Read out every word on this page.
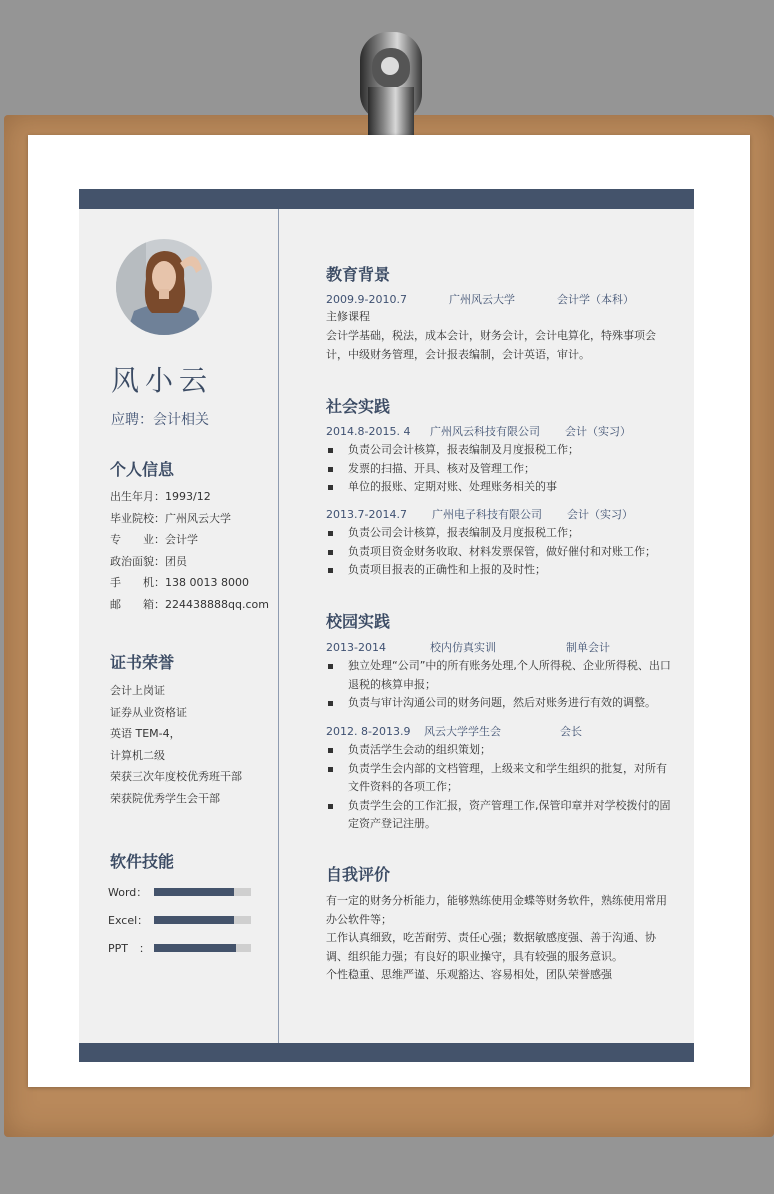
风小云
应聘：会计相关
个人信息
出生年月：1993/12
毕业院校：广州风云大学
专　　业：会计学
政治面貌：团员
手　　机：138 0013 8000
邮　　箱：224438888qq.com
证书荣誉
会计上岗证
证券从业资格证
英语 TEM-4，
计算机二级
荣获三次年度校优秀班干部
荣获院优秀学生会干部
软件技能
Word：
Excel：
PPT　：
教育背景
2009.9-2010.7	广州风云大学	会计学（本科）
主修课程
会计学基础，税法，成本会计，财务会计，会计电算化，特殊事项会计，中级财务管理，会计报表编制，会计英语，审计。
社会实践
2014.8-2015. 4 广州风云科技有限公司 会计（实习）
负责公司会计核算，报表编制及月度报税工作；
发票的扫描、开具、核对及管理工作；
单位的报账、定期对账、处理账务相关的事
2013.7-2014.7 广州电子科技有限公司 会计（实习）
负责公司会计核算，报表编制及月度报税工作；
负责项目资金财务收取、材料发票保管，做好催付和对账工作；
负责项目报表的正确性和上报的及时性；
校园实践
2013-2014	校内仿真实训	制单会计
独立处理“公司”中的所有账务处理,个人所得税、企业所得税、出口退税的核算申报；
负责与审计沟通公司的财务问题，然后对账务进行有效的调整。
2012. 8-2013.9 风云大学学生会	会长
负责活学生会动的组织策划；
负责学生会内部的文档管理，上级来文和学生组织的批复，对所有文件资料的各项工作；
负责学生会的工作汇报，资产管理工作,保管印章并对学校拨付的固定资产登记注册。
自我评价
有一定的财务分析能力，能够熟练使用金蝶等财务软件，熟练使用常用办公软件等；
工作认真细致，吃苦耐劳、责任心强；数据敏感度强、善于沟通、协调、组织能力强；有良好的职业操守，具有较强的服务意识。
个性稳重、思维严谨、乐观豁达、容易相处，团队荣誉感强
